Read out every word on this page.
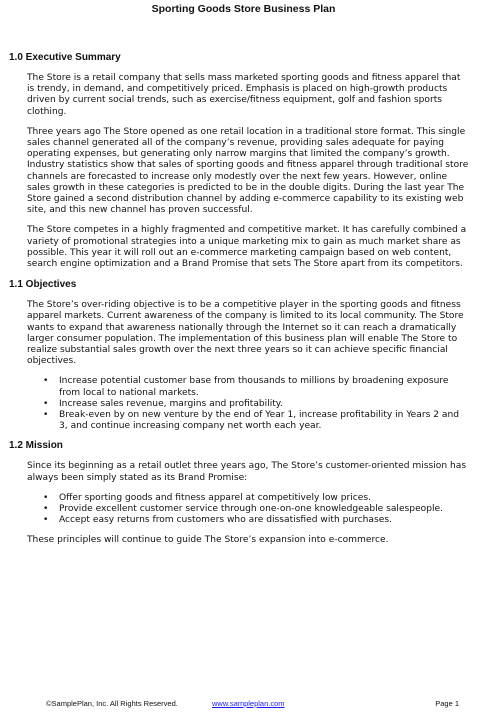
Sporting Goods Store Business Plan
1.0 Executive Summary

The Store is a retail company that sells mass marketed sporting goods and fitness apparel that is trendy, in demand, and competitively priced. Emphasis is placed on high-growth products driven by current social trends, such as exercise/fitness equipment, golf and fashion sports clothing.

Three years ago The Store opened as one retail location in a traditional store format. This single sales channel generated all of the company’s revenue, providing sales adequate for paying operating expenses, but generating only narrow margins that limited the company’s growth. Industry statistics show that sales of sporting goods and fitness apparel through traditional store channels are forecasted to increase only modestly over the next few years. However, online sales growth in these categories is predicted to be in the double digits. During the last year The Store gained a second distribution channel by adding e-commerce capability to its existing web site, and this new channel has proven successful.

The Store competes in a highly fragmented and competitive market. It has carefully combined a variety of promotional strategies into a unique marketing mix to gain as much market share as possible. This year it will roll out an e-commerce marketing campaign based on web content, search engine optimization and a Brand Promise that sets The Store apart from its competitors.

1.1 Objectives

The Store’s over-riding objective is to be a competitive player in the sporting goods and fitness apparel markets. Current awareness of the company is limited to its local community. The Store wants to expand that awareness nationally through the Internet so it can reach a dramatically larger consumer population. The implementation of this business plan will enable The Store to realize substantial sales growth over the next three years so it can achieve specific financial objectives.

• Increase potential customer base from thousands to millions by broadening exposure from local to national markets.
• Increase sales revenue, margins and profitability.
• Break-even by on new venture by the end of Year 1, increase profitability in Years 2 and 3, and continue increasing company net worth each year.
1.2 Mission

Since its beginning as a retail outlet three years ago, The Store’s customer-oriented mission has always been simply stated as its Brand Promise:

• Offer sporting goods and fitness apparel at competitively low prices.
• Provide excellent customer service through one-on-one knowledgeable salespeople.
• Accept easy returns from customers who are dissatisfied with purchases.

These principles will continue to guide The Store’s expansion into e-commerce.

©SamplePlan, Inc. All Rights Reserved.	www.sampleplan.com	Page 1
